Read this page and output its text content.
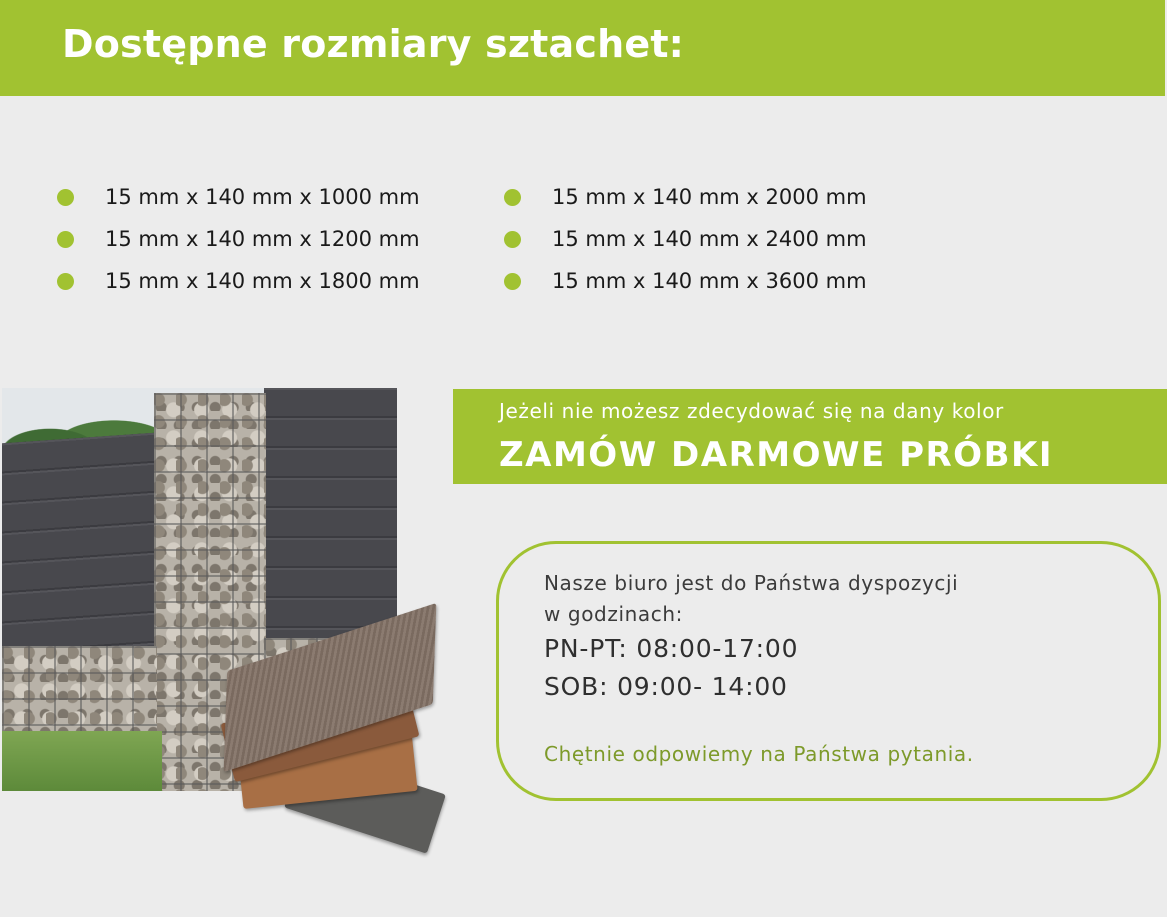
Dostępne rozmiary sztachet:
15 mm x 140 mm x 1000 mm
15 mm x 140 mm x 1200 mm
15 mm x 140 mm x 1800 mm
15 mm x 140 mm x 2000 mm
15 mm x 140 mm x 2400 mm
15 mm x 140 mm x 3600 mm
Jeżeli nie możesz zdecydować się na dany kolor
ZAMÓW DARMOWE PRÓBKI
Nasze biuro jest do Państwa dyspozycji
w godzinach:
PN-PT: 08:00-17:00
SOB: 09:00- 14:00
Chętnie odpowiemy na Państwa pytania.
